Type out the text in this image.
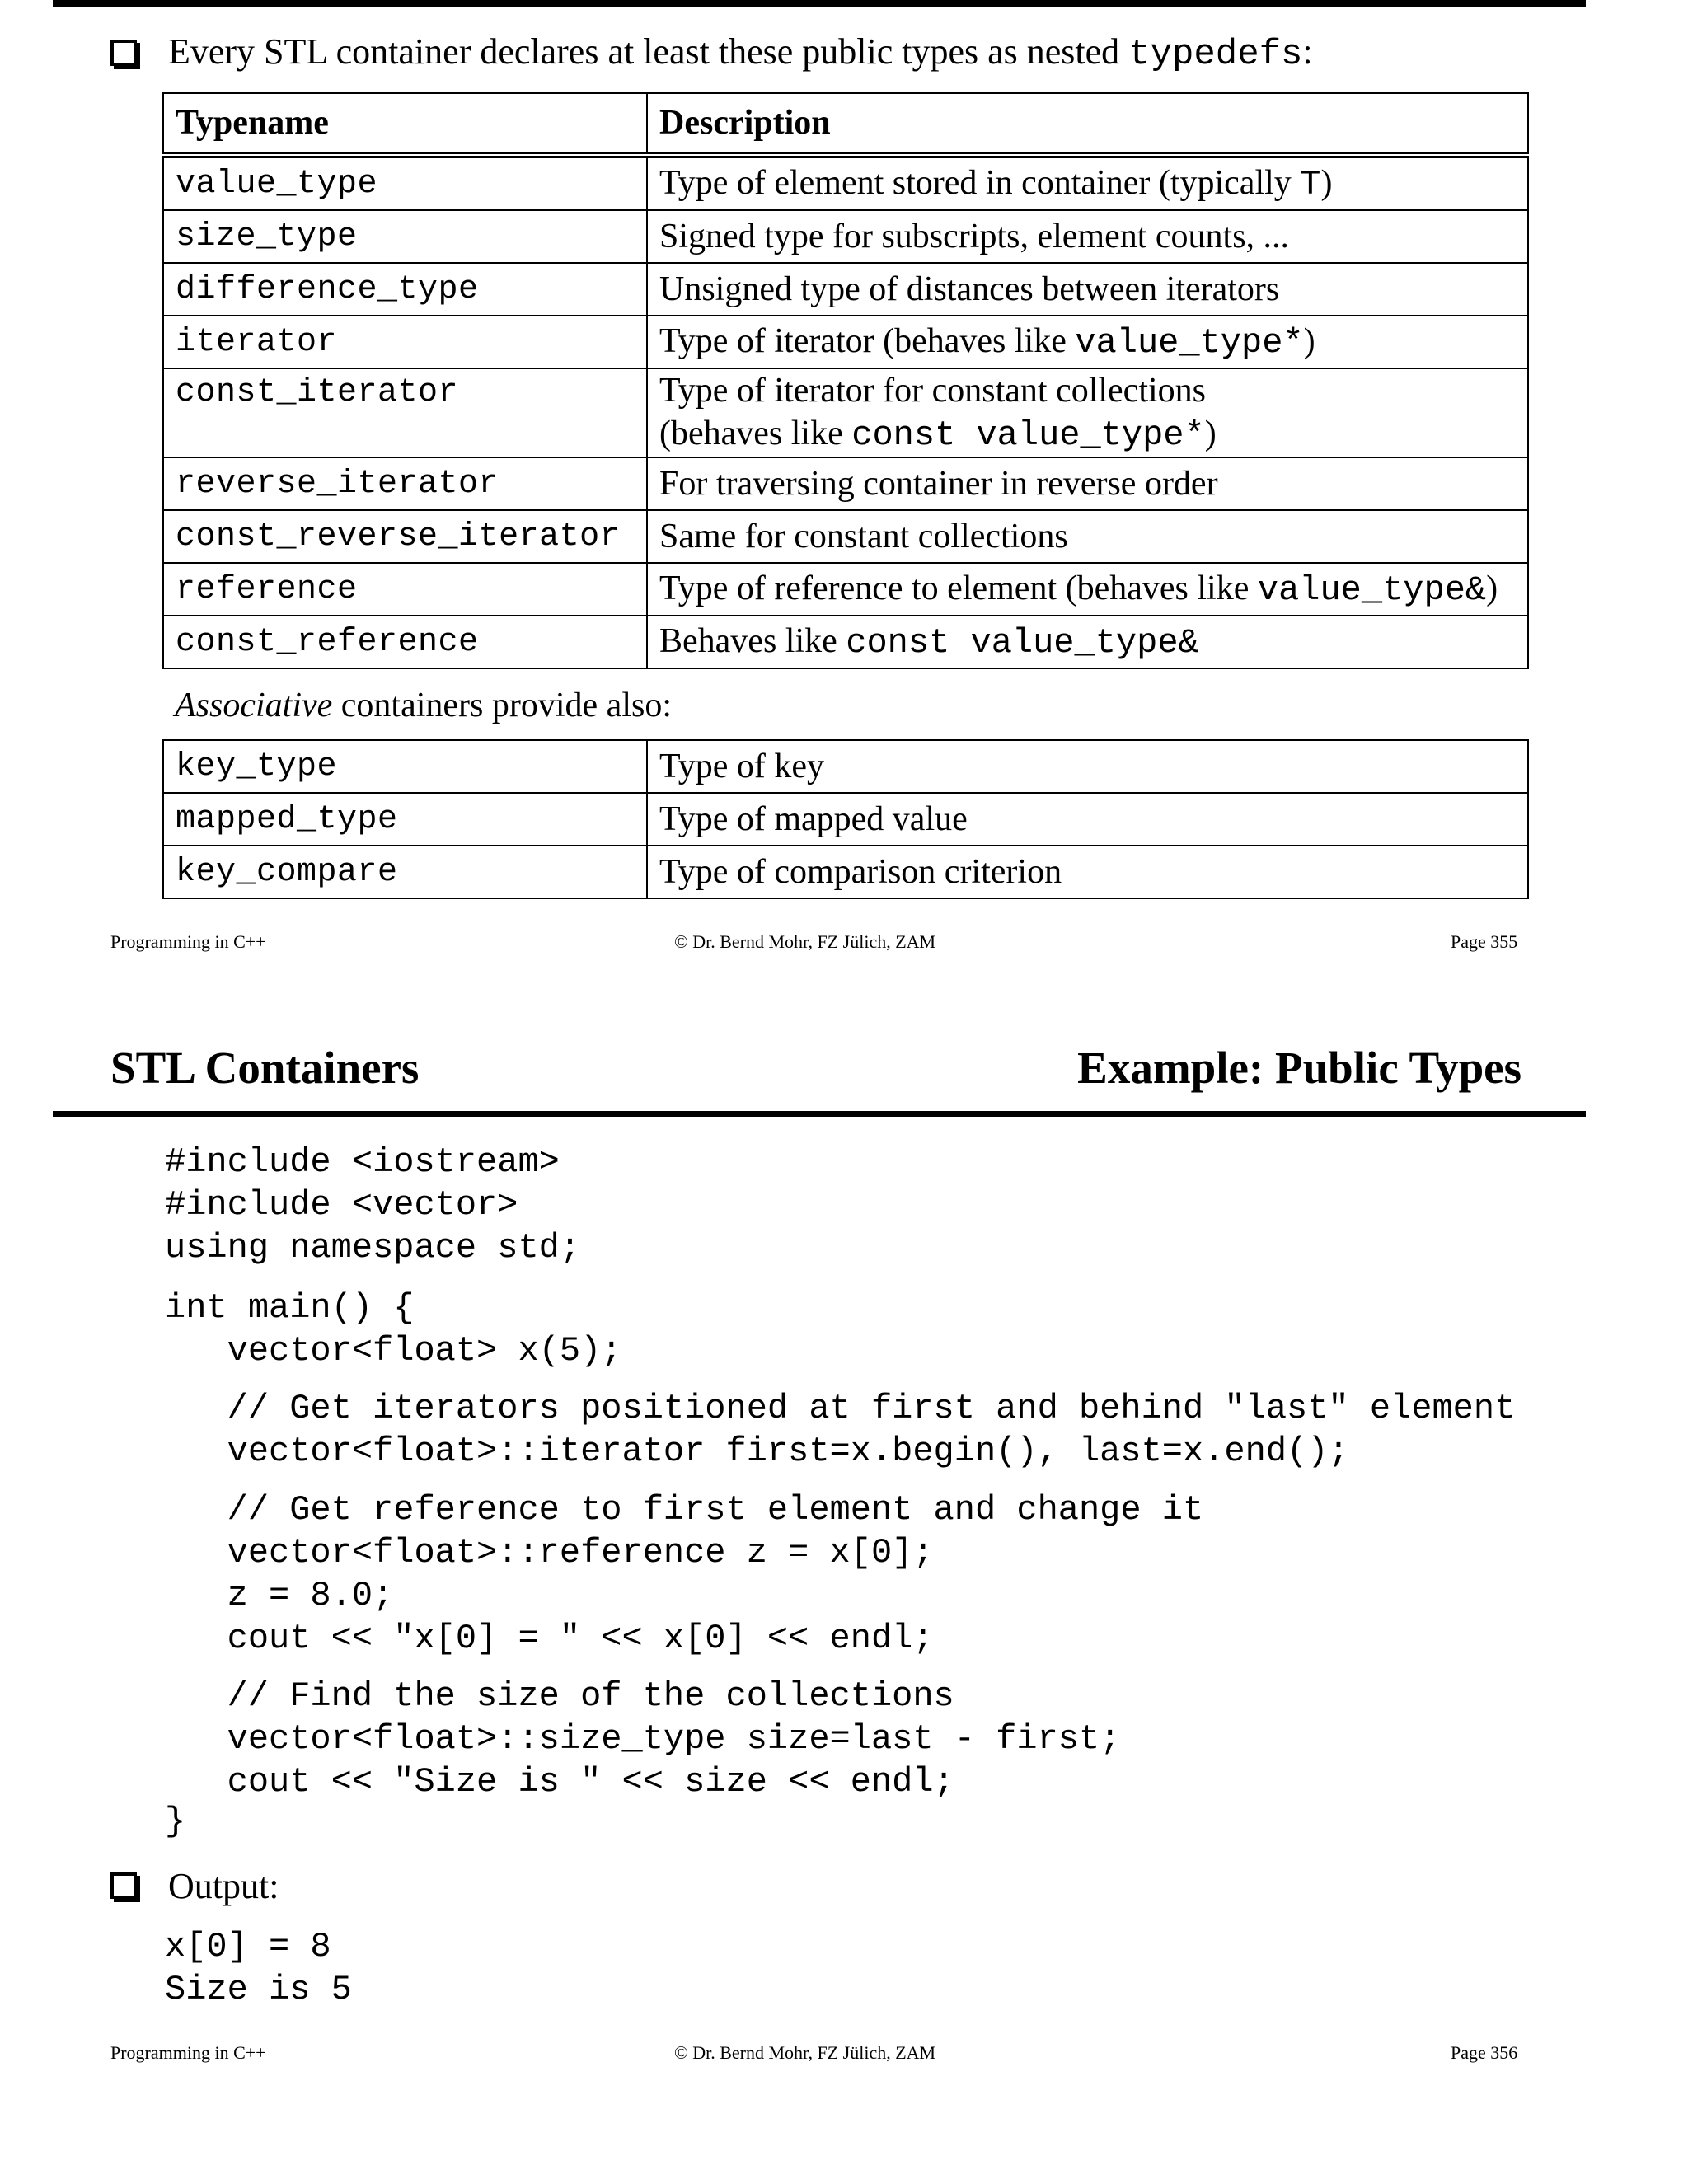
Every STL container declares at least these public types as nested typedefs:
Typename	Description
value_type	Type of element stored in container (typically T)
size_type	Signed type for subscripts, element counts, ...
difference_type	Unsigned type of distances between iterators
iterator	Type of iterator (behaves like value_type*)
const_iterator	Type of iterator for constant collections
(behaves like const value_type*)
reverse_iterator	For traversing container in reverse order
const_reverse_iterator	Same for constant collections
reference	Type of reference to element (behaves like value_type&)
const_reference	Behaves like const value_type&
Associative containers provide also:
key_type	Type of key
mapped_type	Type of mapped value
key_compare	Type of comparison criterion
Programming in C++	© Dr. Bernd Mohr, FZ Jülich, ZAM	Page 355
STL Containers	Example: Public Types
#include <iostream>
#include <vector>
using namespace std;
int main() {
vector<float> x(5);
// Get iterators positioned at first and behind "last" element
vector<float>::iterator first=x.begin(), last=x.end();
// Get reference to first element and change it
vector<float>::reference z = x[0];
z = 8.0;
cout << "x[0] = " << x[0] << endl;
// Find the size of the collections
vector<float>::size_type size=last - first;
cout << "Size is " << size << endl;
}
Output:
x[0] = 8
Size is 5
Programming in C++	© Dr. Bernd Mohr, FZ Jülich, ZAM	Page 356
